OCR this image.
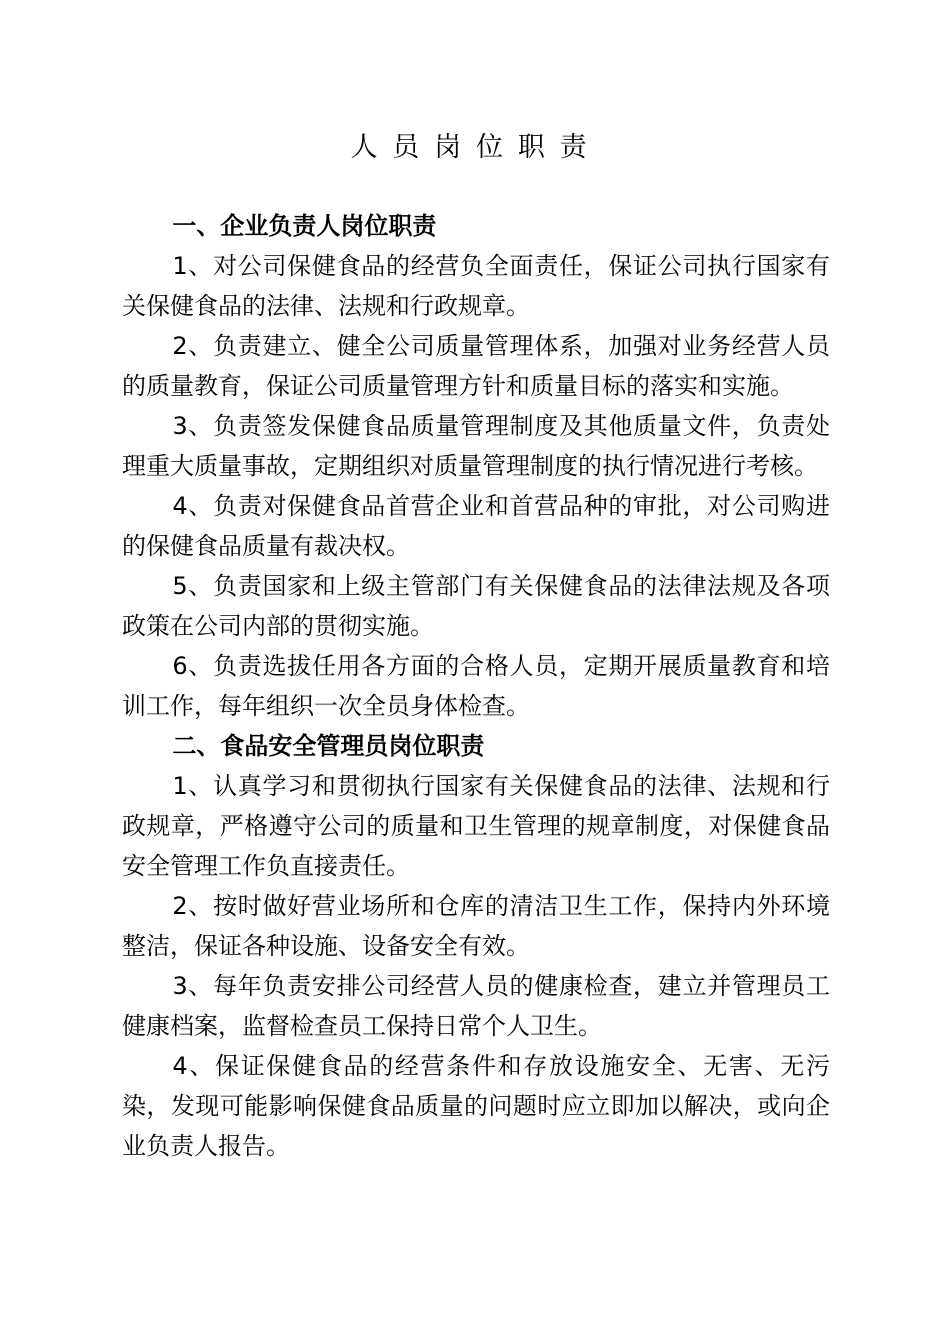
人员岗位职责

一、企业负责人岗位职责

1、对公司保健食品的经营负全面责任，保证公司执行国家有关保健食品的法律、法规和行政规章。

2、负责建立、健全公司质量管理体系，加强对业务经营人员的质量教育，保证公司质量管理方针和质量目标的落实和实施。

3、负责签发保健食品质量管理制度及其他质量文件，负责处理重大质量事故，定期组织对质量管理制度的执行情况进行考核。

4、负责对保健食品首营企业和首营品种的审批，对公司购进的保健食品质量有裁决权。

5、负责国家和上级主管部门有关保健食品的法律法规及各项政策在公司内部的贯彻实施。

6、负责选拔任用各方面的合格人员，定期开展质量教育和培训工作，每年组织一次全员身体检查。

二、食品安全管理员岗位职责

1、认真学习和贯彻执行国家有关保健食品的法律、法规和行政规章，严格遵守公司的质量和卫生管理的规章制度，对保健食品安全管理工作负直接责任。

2、按时做好营业场所和仓库的清洁卫生工作，保持内外环境整洁，保证各种设施、设备安全有效。

3、每年负责安排公司经营人员的健康检查，建立并管理员工健康档案，监督检查员工保持日常个人卫生。

4、保证保健食品的经营条件和存放设施安全、无害、无污染，发现可能影响保健食品质量的问题时应立即加以解决，或向企业负责人报告。
